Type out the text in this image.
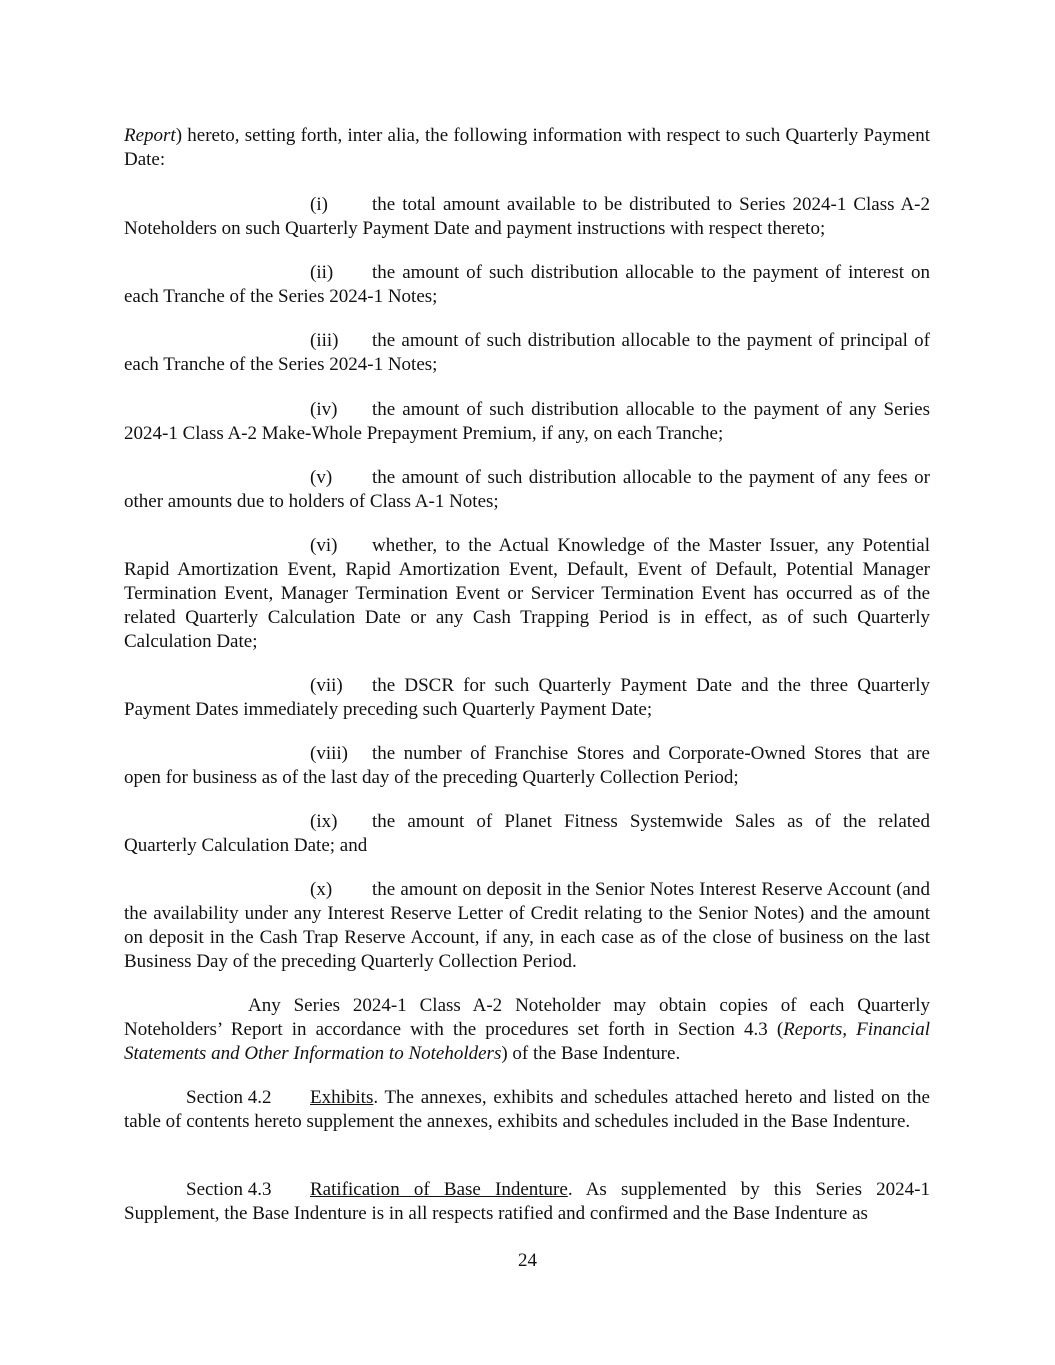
Report) hereto, setting forth, inter alia, the following information with respect to such Quarterly Payment Date:

(i) the total amount available to be distributed to Series 2024-1 Class A-2 Noteholders on such Quarterly Payment Date and payment instructions with respect thereto;

(ii) the amount of such distribution allocable to the payment of interest on each Tranche of the Series 2024-1 Notes;

(iii) the amount of such distribution allocable to the payment of principal of each Tranche of the Series 2024-1 Notes;

(iv) the amount of such distribution allocable to the payment of any Series 2024-1 Class A-2 Make-Whole Prepayment Premium, if any, on each Tranche;

(v) the amount of such distribution allocable to the payment of any fees or other amounts due to holders of Class A-1 Notes;

(vi) whether, to the Actual Knowledge of the Master Issuer, any Potential Rapid Amortization Event, Rapid Amortization Event, Default, Event of Default, Potential Manager Termination Event, Manager Termination Event or Servicer Termination Event has occurred as of the related Quarterly Calculation Date or any Cash Trapping Period is in effect, as of such Quarterly Calculation Date;

(vii) the DSCR for such Quarterly Payment Date and the three Quarterly Payment Dates immediately preceding such Quarterly Payment Date;

(viii) the number of Franchise Stores and Corporate-Owned Stores that are open for business as of the last day of the preceding Quarterly Collection Period;

(ix) the amount of Planet Fitness Systemwide Sales as of the related Quarterly Calculation Date; and

(x) the amount on deposit in the Senior Notes Interest Reserve Account (and the availability under any Interest Reserve Letter of Credit relating to the Senior Notes) and the amount on deposit in the Cash Trap Reserve Account, if any, in each case as of the close of business on the last Business Day of the preceding Quarterly Collection Period.

Any Series 2024-1 Class A-2 Noteholder may obtain copies of each Quarterly Noteholders’ Report in accordance with the procedures set forth in Section 4.3 (Reports, Financial Statements and Other Information to Noteholders) of the Base Indenture.

Section 4.2 Exhibits. The annexes, exhibits and schedules attached hereto and listed on the table of contents hereto supplement the annexes, exhibits and schedules included in the Base Indenture.

Section 4.3 Ratification of Base Indenture. As supplemented by this Series 2024-1 Supplement, the Base Indenture is in all respects ratified and confirmed and the Base Indenture as

24
